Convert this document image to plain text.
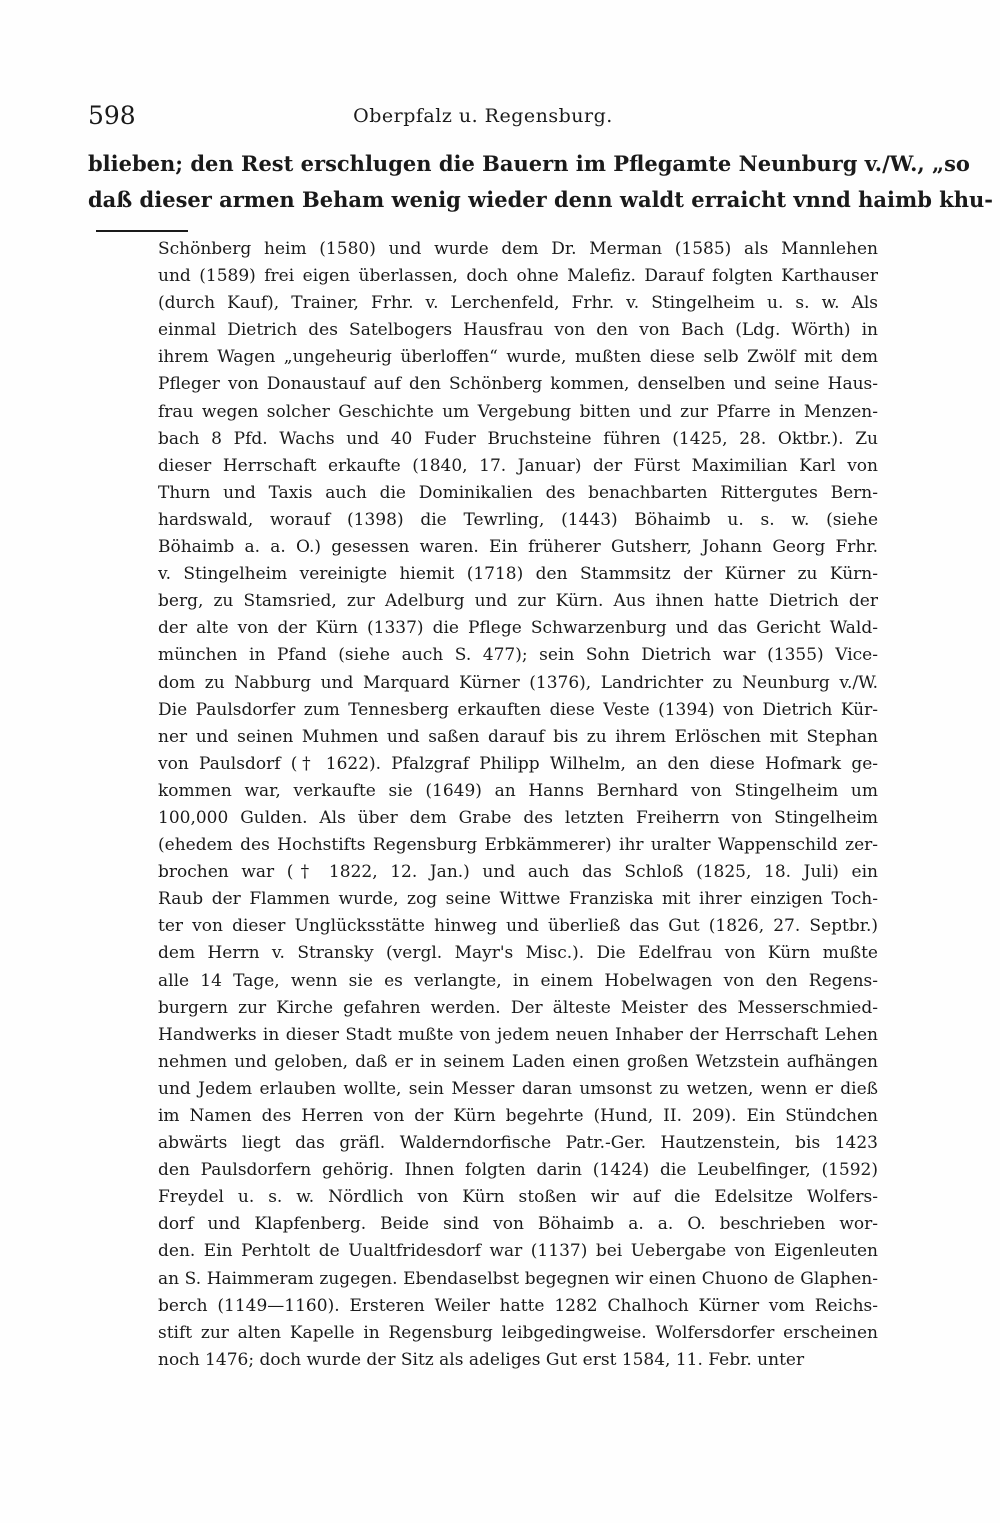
598	Oberpfalz u. Regensburg.
blieben; den Rest erschlugen die Bauern im Pflegamte Neunburg v./W., „so
daß dieser armen Beham wenig wieder denn waldt erraicht vnnd haimb khu-
Schönberg heim (1580) und wurde dem Dr. Merman (1585) als Mannlehen
und (1589) frei eigen überlassen, doch ohne Malefiz. Darauf folgten Karthauser
(durch Kauf), Trainer, Frhr. v. Lerchenfeld, Frhr. v. Stingelheim u. s. w. Als
einmal Dietrich des Satelbogers Hausfrau von den von Bach (Ldg. Wörth) in
ihrem Wagen „ungeheurig überloffen“ wurde, mußten diese selb Zwölf mit dem
Pfleger von Donaustauf auf den Schönberg kommen, denselben und seine Haus-
frau wegen solcher Geschichte um Vergebung bitten und zur Pfarre in Menzen-
bach 8 Pfd. Wachs und 40 Fuder Bruchsteine führen (1425, 28. Oktbr.). Zu
dieser Herrschaft erkaufte (1840, 17. Januar) der Fürst Maximilian Karl von
Thurn und Taxis auch die Dominikalien des benachbarten Rittergutes Bern-
hardswald, worauf (1398) die Tewrling, (1443) Böhaimb u. s. w. (siehe
Böhaimb a. a. O.) gesessen waren. Ein früherer Gutsherr, Johann Georg Frhr.
v. Stingelheim vereinigte hiemit (1718) den Stammsitz der Kürner zu Kürn-
berg, zu Stamsried, zur Adelburg und zur Kürn. Aus ihnen hatte Dietrich der
der alte von der Kürn (1337) die Pflege Schwarzenburg und das Gericht Wald-
münchen in Pfand (siehe auch S. 477); sein Sohn Dietrich war (1355) Vice-
dom zu Nabburg und Marquard Kürner (1376), Landrichter zu Neunburg v./W.
Die Paulsdorfer zum Tennesberg erkauften diese Veste (1394) von Dietrich Kür-
ner und seinen Muhmen und saßen darauf bis zu ihrem Erlöschen mit Stephan
von Paulsdorf († 1622). Pfalzgraf Philipp Wilhelm, an den diese Hofmark ge-
kommen war, verkaufte sie (1649) an Hanns Bernhard von Stingelheim um
100,000 Gulden. Als über dem Grabe des letzten Freiherrn von Stingelheim
(ehedem des Hochstifts Regensburg Erbkämmerer) ihr uralter Wappenschild zer-
brochen war († 1822, 12. Jan.) und auch das Schloß (1825, 18. Juli) ein
Raub der Flammen wurde, zog seine Wittwe Franziska mit ihrer einzigen Toch-
ter von dieser Unglücksstätte hinweg und überließ das Gut (1826, 27. Septbr.)
dem Herrn v. Stransky (vergl. Mayr's Misc.). Die Edelfrau von Kürn mußte
alle 14 Tage, wenn sie es verlangte, in einem Hobelwagen von den Regens-
burgern zur Kirche gefahren werden. Der älteste Meister des Messerschmied-
Handwerks in dieser Stadt mußte von jedem neuen Inhaber der Herrschaft Lehen
nehmen und geloben, daß er in seinem Laden einen großen Wetzstein aufhängen
und Jedem erlauben wollte, sein Messer daran umsonst zu wetzen, wenn er dieß
im Namen des Herren von der Kürn begehrte (Hund, II. 209). Ein Stündchen
abwärts liegt das gräfl. Walderndorfische Patr.-Ger. Hautzenstein, bis 1423
den Paulsdorfern gehörig. Ihnen folgten darin (1424) die Leubelfinger, (1592)
Freydel u. s. w. Nördlich von Kürn stoßen wir auf die Edelsitze Wolfers-
dorf und Klapfenberg. Beide sind von Böhaimb a. a. O. beschrieben wor-
den. Ein Perhtolt de Uualtfridesdorf war (1137) bei Uebergabe von Eigenleuten
an S. Haimmeram zugegen. Ebendaselbst begegnen wir einen Chuono de Glaphen-
berch (1149—1160). Ersteren Weiler hatte 1282 Chalhoch Kürner vom Reichs-
stift zur alten Kapelle in Regensburg leibgedingweise. Wolfersdorfer erscheinen
noch 1476; doch wurde der Sitz als adeliges Gut erst 1584, 11. Febr. unter
